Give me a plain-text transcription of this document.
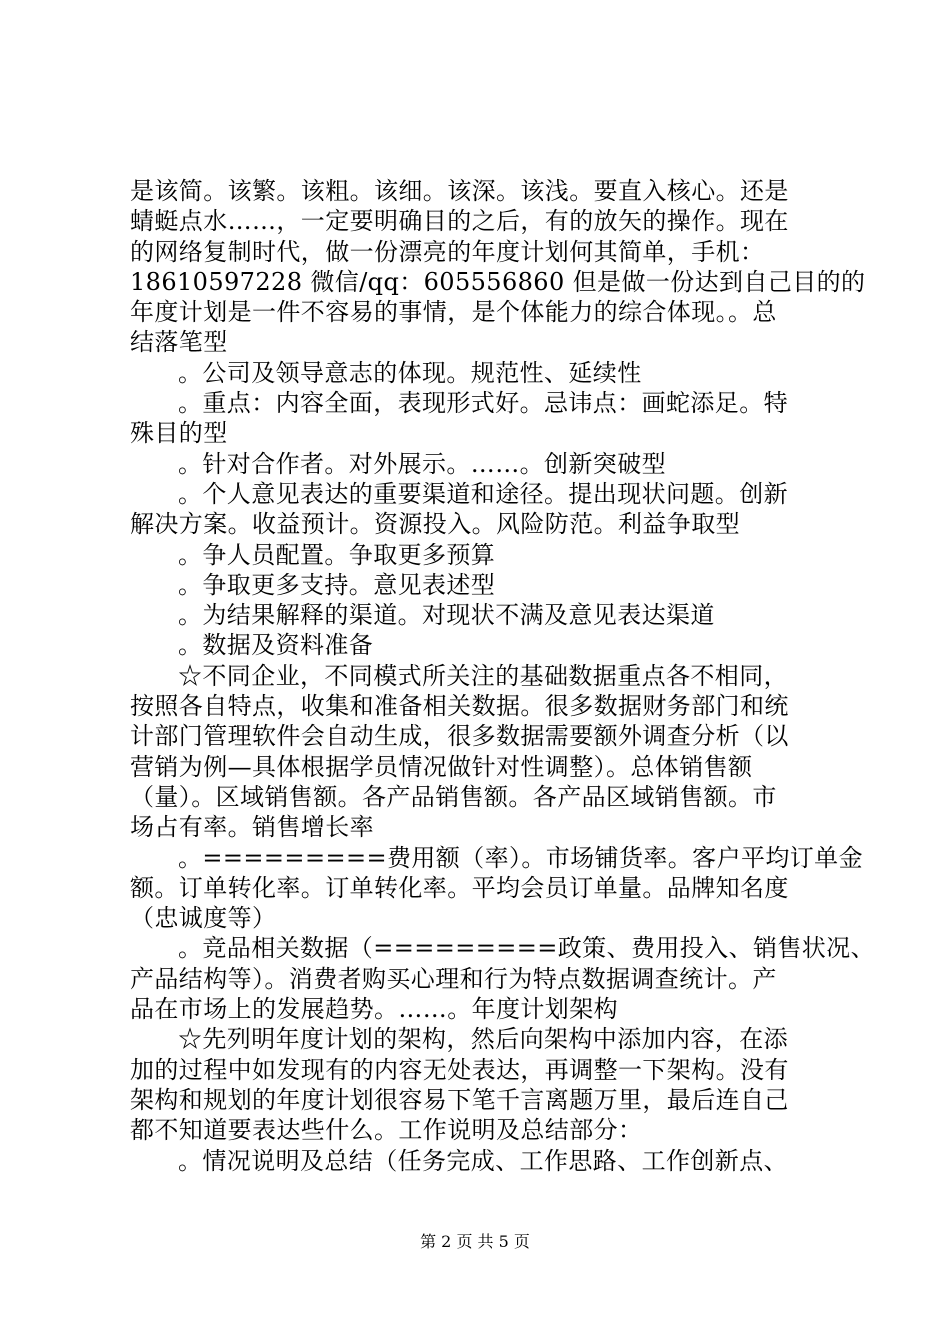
是该简。该繁。该粗。该细。该深。该浅。要直入核心。还是
蜻蜓点水……，一定要明确目的之后，有的放矢的操作。现在
的网络复制时代，做一份漂亮的年度计划何其简单，手机：
18610597228 微信/qq：605556860 但是做一份达到自己目的的
年度计划是一件不容易的事情，是个体能力的综合体现。。总
结落笔型
。公司及领导意志的体现。规范性、延续性
。重点：内容全面，表现形式好。忌讳点：画蛇添足。特
殊目的型
。针对合作者。对外展示。……。创新突破型
。个人意见表达的重要渠道和途径。提出现状问题。创新
解决方案。收益预计。资源投入。风险防范。利益争取型
。争人员配置。争取更多预算
。争取更多支持。意见表述型
。为结果解释的渠道。对现状不满及意见表达渠道
。数据及资料准备
☆不同企业，不同模式所关注的基础数据重点各不相同，
按照各自特点，收集和准备相关数据。很多数据财务部门和统
计部门管理软件会自动生成，很多数据需要额外调查分析（以
营销为例—具体根据学员情况做针对性调整）。总体销售额
（量）。区域销售额。各产品销售额。各产品区域销售额。市
场占有率。销售增长率
。=========费用额（率）。市场铺货率。客户平均订单金
额。订单转化率。订单转化率。平均会员订单量。品牌知名度
（忠诚度等）
。竞品相关数据（=========政策、费用投入、销售状况、
产品结构等）。消费者购买心理和行为特点数据调查统计。产
品在市场上的发展趋势。……。年度计划架构
☆先列明年度计划的架构，然后向架构中添加内容，在添
加的过程中如发现有的内容无处表达，再调整一下架构。没有
架构和规划的年度计划很容易下笔千言离题万里，最后连自己
都不知道要表达些什么。工作说明及总结部分：
。情况说明及总结（任务完成、工作思路、工作创新点、
第 2 页 共 5 页
